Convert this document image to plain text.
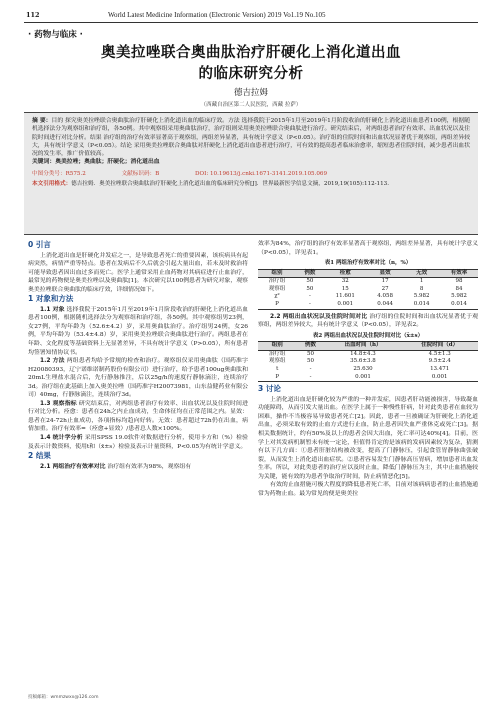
112	World Latest Medicine Information (Electronic Version) 2019 Vo1.19 No.105
· 药物与临床 ·
奥美拉唑联合奥曲肽治疗肝硬化上消化道出血
的临床研究分析
德吉拉姆
（西藏自治区第二人民医院，西藏 拉萨）

摘 要：目的 探究奥美拉唑联合奥曲肽治疗肝硬化上消化道出血的临床疗效。方法 选择我院于2015年1月至2019年1月阶段收治的肝硬化上消化道出血患者100例，根据随机选择法分为观察组和治疗组，各50例。其中观察组采用奥曲肽治疗，治疗组则采用奥美拉唑联合奥曲肽进行治疗。研究结束后，对两组患者治疗有效率、出血状况以及住院时间进行对比分析。结果 治疗组的治疗有效率显著高于观察组，两组差异显著，具有统计学意义（P<0.05）。治疗组的住院时间和出血状况显著优于观察组，两组差异较大，具有统计学意义（P<0.05）。结论 采用奥美拉唑联合奥曲肽对肝硬化上消化道出血患者进行治疗，可有效的提高患者临床治愈率，缩短患者住院时间，减少患者出血状况的发生率，推广价值较高。

关键词：奥美拉唑；奥曲肽；肝硬化；消化道出血

中图分类号：R575.2	文献标识码：B	DOI: 10.19613/j.cnki.1671-3141.2019.105.069

本文引用格式：德吉拉姆．奥美拉唑联合奥曲肽治疗肝硬化上消化道出血的临床研究分析[J]．世界最新医学信息文摘，2019,19(105):112-113.

0 引言

上消化道出血是肝硬化并发症之一，是导致患者死亡的重要因素，该疾病具有起病突然，病情严重等特点。患者在发病后不久后就会引起大量出血，若未及时救治将可能导致患者因出血过多而死亡。医学上通常采用止血药物对其病症进行止血治疗，最常见的药物便是奥美拉唑以及奥曲肽[1]。本次研究以100例患者为研究对象，观察奥美拉唑联合奥曲肽的临床疗效，详细情况如下。

1 对象和方法

1.1 对象 选择我院于2015年1月至2019年1月阶段收治的肝硬化上消化道出血患者100例，根据随机选择法分为观察组和治疗组，各50例。其中观察组男23例，女27例，平均年龄为（52.6±4.2）岁，采用奥曲肽治疗。治疗组男24例，女26例，平均年龄为（53.4±4.8）岁，采用奥美拉唑联合奥曲肽进行治疗。两组患者在年龄、文化程度等基础资料上无显著差异，不具有统计学意义（P>0.05），所有患者均签署知情协议书。

1.2 方法 两组患者均给予常规的检查和治疗。观察组仅采用奥曲肽（国药准字H20080393，辽宁诺维诺制药股份有限公司）进行治疗，给予患者100ug奥曲肽和20mL生理盐水混合后，先行静脉推注，后以25g/h的速度行静脉滴注，连续治疗3d。治疗组在此基础上加入奥美拉唑（国药准字H20073981，山东益健药业有限公司）40mg，行静脉滴注，连续治疗3d。

1.3 观察指标 研究结束后，对两组患者治疗有效率、出血状况以及住院时间进行对比分析。痊愈：患者在24h之内止血成功，生命体征均在正常范围之内。显效：患者在24-72h止血成功，各项指标均趋向好转。无效：患者超过72h仍在出血，病情加重。治疗有效率=（痊愈+显效）/患者总人数×100%。

1.4 统计学分析 采用SPSS 19.0软件对数据进行分析，使用卡方和（%）检验及表示计数资料，使用t和（x̄±s）检验及表示计量资料，P<0.05为有统计学意义。

2 结果

2.1 两组治疗有效率对比 治疗组有效率为98%，观察组有

效率为84%，治疗组的治疗有效率显著高于观察组，两组差异显著，具有统计学意义（P<0.05），详见表1。

表1 两组治疗有效率对比（n，%）
组别	例数	痊愈	显效	无效	有效率
治疗组	50	32	17	1	98
观察组	50	15	27	8	84
χ²	-	11.601	4.058	5.982	5.982
P	-	0.001	0.044	0.014	0.014

2.2 两组出血状况以及住院时间对比 治疗组的住院时间和出血状况显著优于观察组，两组差异较大，具有统计学意义（P<0.05），详见表2。

表2 两组出血状况以及住院时间对比（x̄±s）
组别	例数	出血时间（h）	住院时间（d）
治疗组	50	14.8±4.3	4.5±1.3
观察组	50	35.6±3.8	9.5±2.4
t	-	25.630	13.471
P	-	0.001	0.001
3 讨论

上消化道出血是肝硬化较为严重的一种并发症，因患者肝功能被损害，导致凝血功能障碍，从而引发大量出血。在医学上属于一种慢性肝病，针对此类患者在血较为困难，操作不当极容易导致患者死亡[2]。因此，患者一旦被确证为肝硬化上消化道出血，必须采取有效的止血方式进行止血，防止患者因失血严重休克或死亡[3]。据相关数据统计，约有50%及以上的患者会因大出血，死亡率可达40%[4]。目前，医学上对其发病机制暂未有统一定论，但值得肯定的是该病的发病因素较为复杂，猜测有以下几方面：①患者肝脏结构被改变，提高了门静脉压，引起食管胃静脉曲张破裂，从而发生上消化道出血症状。②患者容易发生门静脉高压胃病，增加患者出血发生率。所以，对此类患者的治疗应以及时止血，降低门静脉压为主，其中止血措施较为关键，能有效的为患者争取治疗时间，防止病情恶化[5]。

有效的止血措施可极大程度的降低患者死亡率，目前对该病病患者的止血措施通常为药物止血。最为常见的便是奥美拉

投稿邮箱：wmmzwxx@126.com
